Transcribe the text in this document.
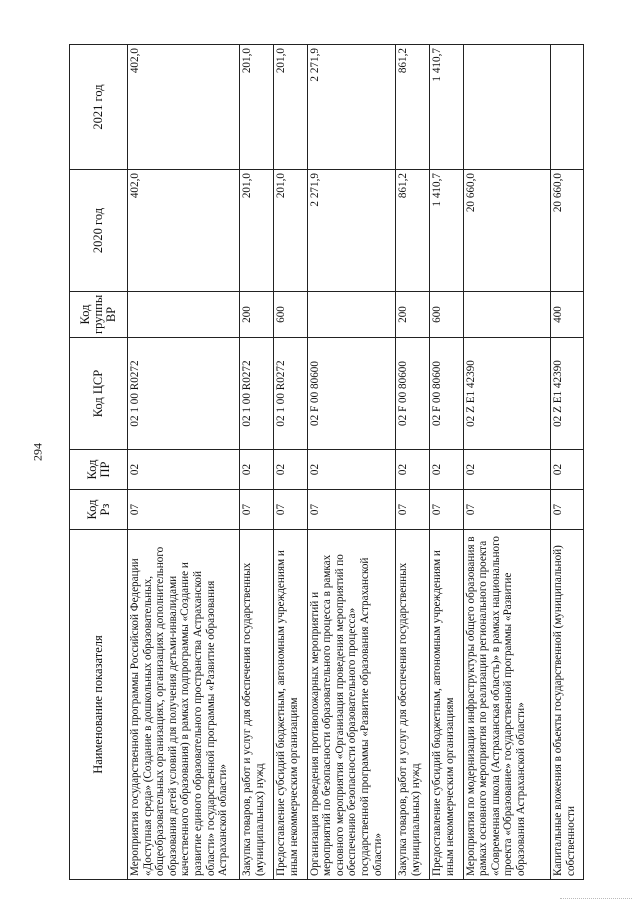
294
Наименование показателя	Код Рз	Код ПР	Код ЦСР	Код группы ВР	2020 год	2021 год
Мероприятия государственной программы Российской Федерации «Доступная среда» (Создание в дошкольных образовательных, общеобразовательных организациях, организациях дополнительного образования детей условий для получения детьми-инвалидами качественного образования) в рамках подпрограммы «Создание и развитие единого образовательного пространства Астраханской области» государственной программы «Развитие образования Астраханской области»	07	02	02 1 00 R0272		402,0	402,0
Закупка товаров, работ и услуг для обеспечения государственных (муниципальных) нужд	07	02	02 1 00 R0272	200	201,0	201,0
Предоставление субсидий бюджетным, автономным учреждениям и иным некоммерческим организациям	07	02	02 1 00 R0272	600	201,0	201,0
Организация проведения противопожарных мероприятий и мероприятий по безопасности образовательного процесса в рамках основного мероприятия «Организация проведения мероприятий по обеспечению безопасности образовательного процесса» государственной программы «Развитие образования Астраханской области»	07	02	02 F 00 80600		2 271,9	2 271,9
Закупка товаров, работ и услуг для обеспечения государственных (муниципальных) нужд	07	02	02 F 00 80600	200	861,2	861,2
Предоставление субсидий бюджетным, автономным учреждениям и иным некоммерческим организациям	07	02	02 F 00 80600	600	1 410,7	1 410,7
Мероприятия по модернизации инфраструктуры общего образования в рамках основного мероприятия по реализации регионального проекта «Современная школа (Астраханская область)» в рамках национального проекта «Образование» государственной программы «Развитие образования Астраханской области»	07	02	02 Z E1 42390		20 660,0	
Капитальные вложения в объекты государственной (муниципальной) собственности	07	02	02 Z E1 42390	400	20 660,0	
